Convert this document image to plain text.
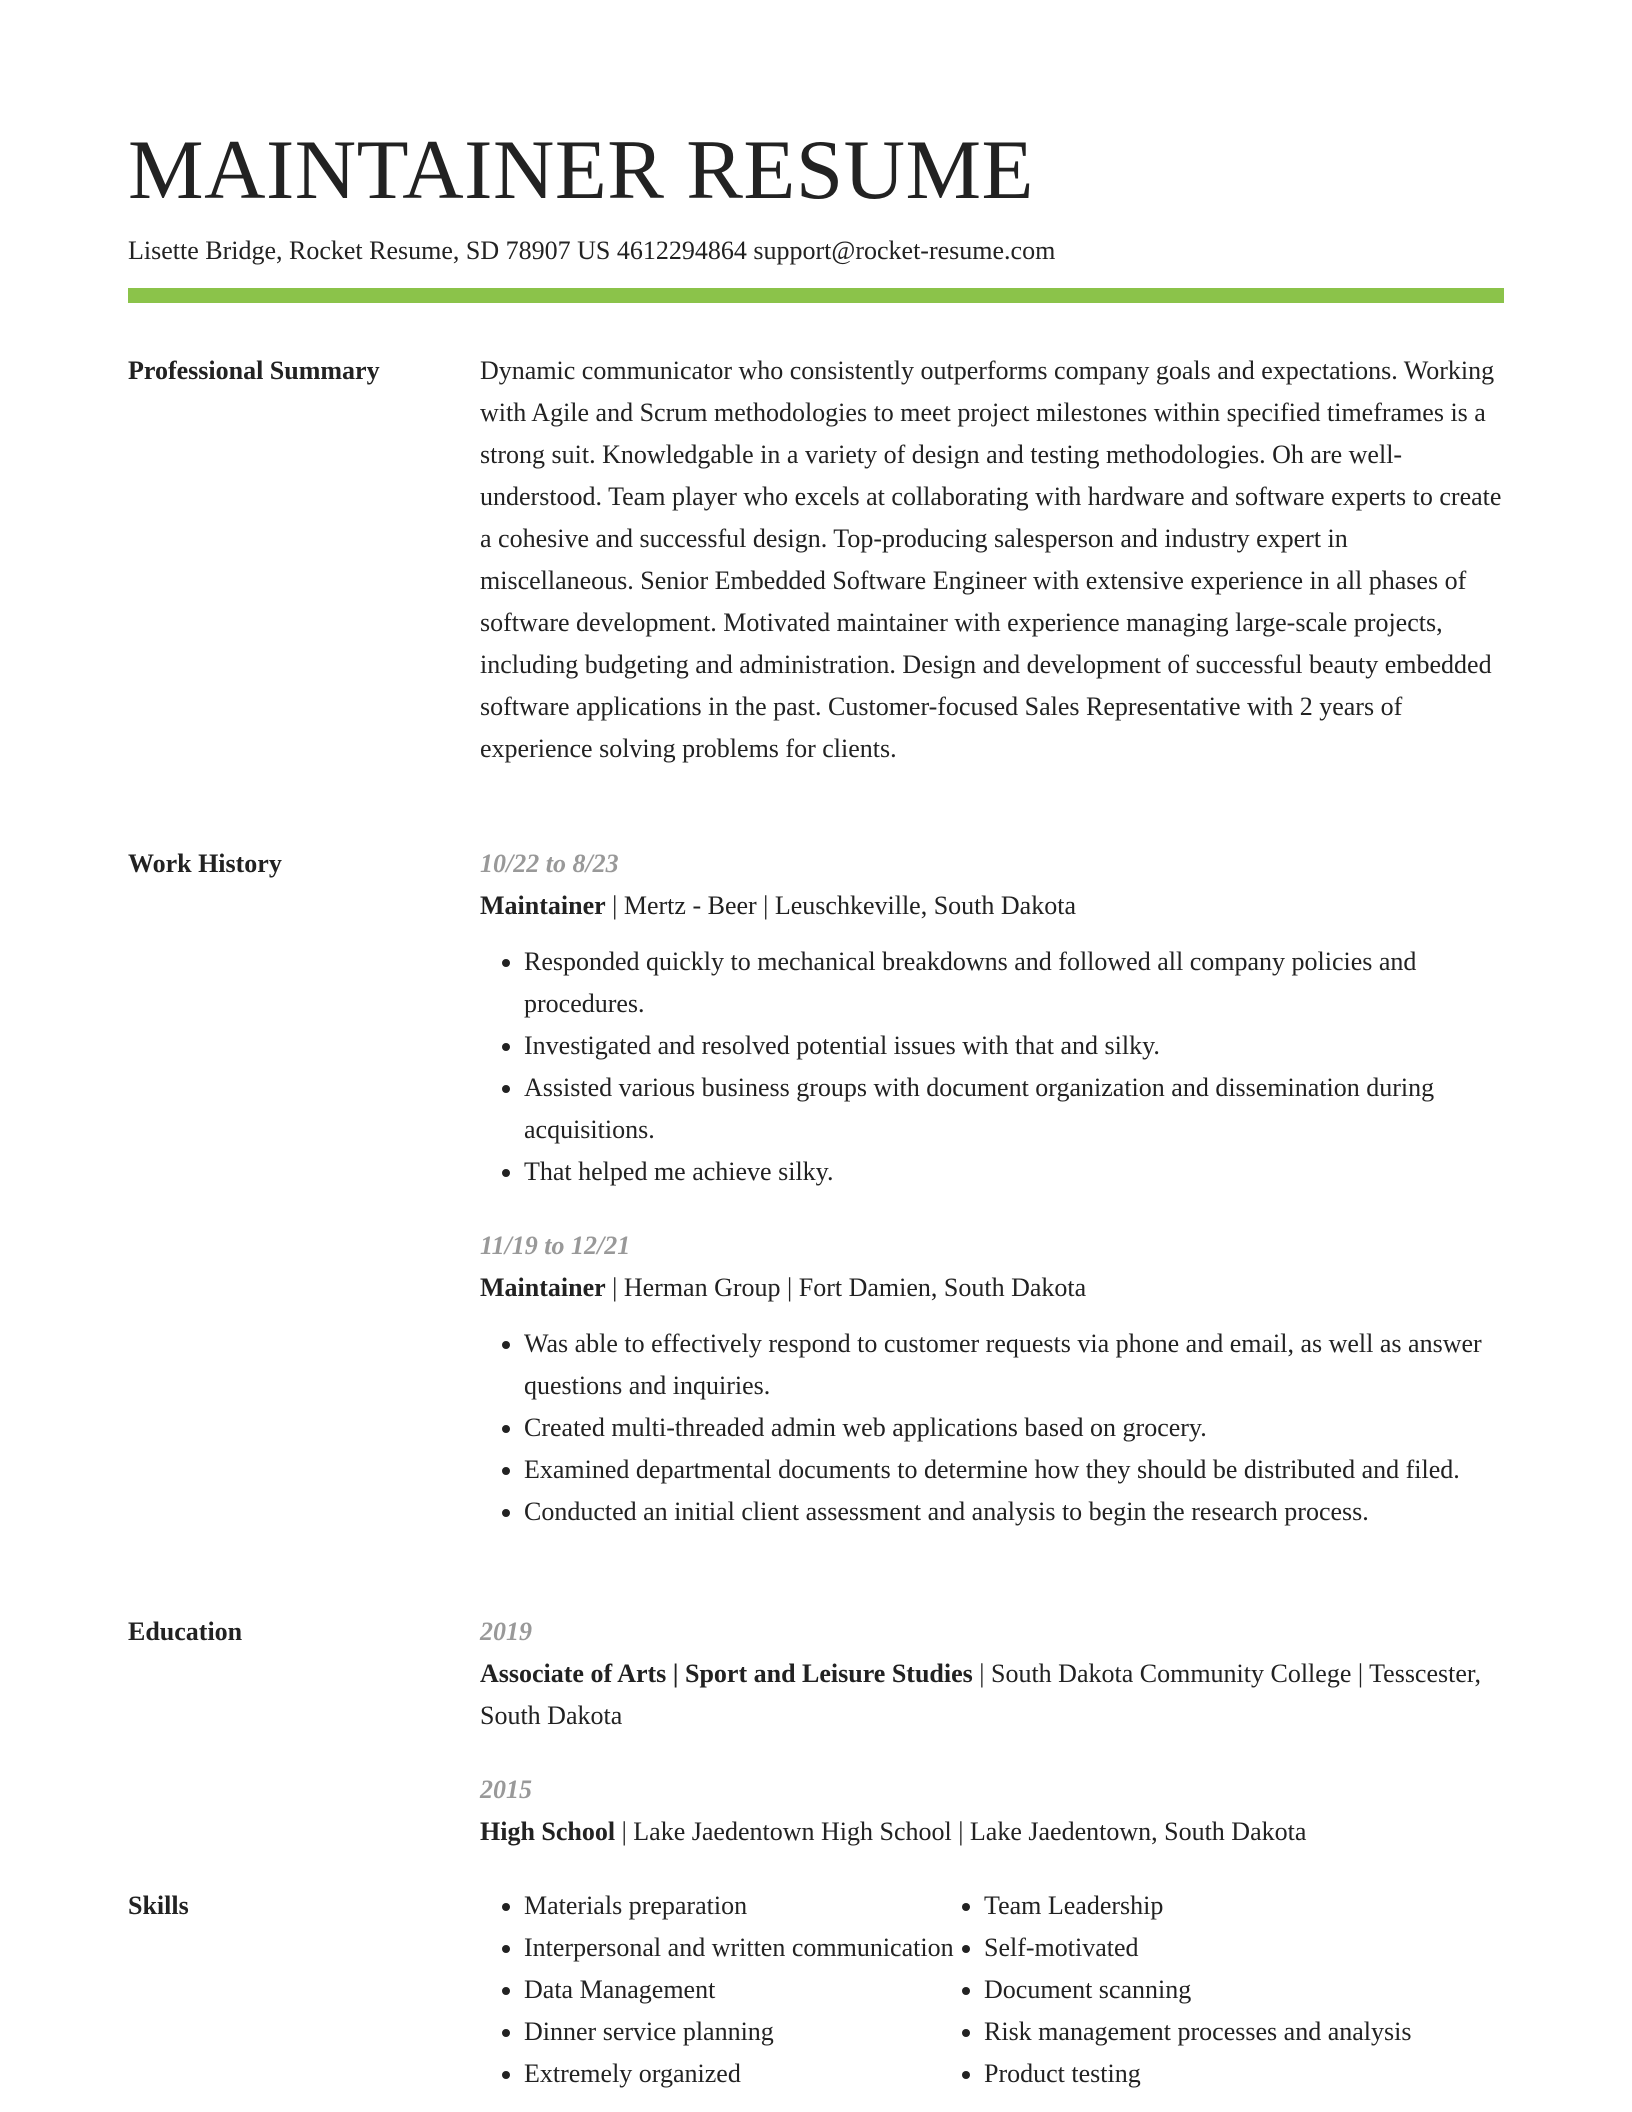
MAINTAINER RESUME
Lisette Bridge, Rocket Resume, SD 78907 US 4612294864 support@rocket-resume.com
Professional Summary	Dynamic communicator who consistently outperforms company goals and expectations. Working with Agile and Scrum methodologies to meet project milestones within specified timeframes is a strong suit. Knowledgable in a variety of design and testing methodologies. Oh are well-understood. Team player who excels at collaborating with hardware and software experts to create a cohesive and successful design. Top-producing salesperson and industry expert in miscellaneous. Senior Embedded Software Engineer with extensive experience in all phases of software development. Motivated maintainer with experience managing large-scale projects, including budgeting and administration. Design and development of successful beauty embedded software applications in the past. Customer-focused Sales Representative with 2 years of experience solving problems for clients.

Work History	10/22 to 8/23
Maintainer | Mertz - Beer | Leuschkeville, South Dakota
• Responded quickly to mechanical breakdowns and followed all company policies and procedures.
• Investigated and resolved potential issues with that and silky.
• Assisted various business groups with document organization and dissemination during acquisitions.
• That helped me achieve silky.
11/19 to 12/21
Maintainer | Herman Group | Fort Damien, South Dakota
• Was able to effectively respond to customer requests via phone and email, as well as answer questions and inquiries.
• Created multi-threaded admin web applications based on grocery.
• Examined departmental documents to determine how they should be distributed and filed.
• Conducted an initial client assessment and analysis to begin the research process.
Education	2019
Associate of Arts | Sport and Leisure Studies | South Dakota Community College | Tesscester, South Dakota
2015
High School | Lake Jaedentown High School | Lake Jaedentown, South Dakota
Skills
•	Materials preparation
• Interpersonal and written communication
• Data Management
• Dinner service planning
• Extremely organized
• Team Leadership
• Self-motivated
• Document scanning
• Risk management processes and analysis
• Product testing
